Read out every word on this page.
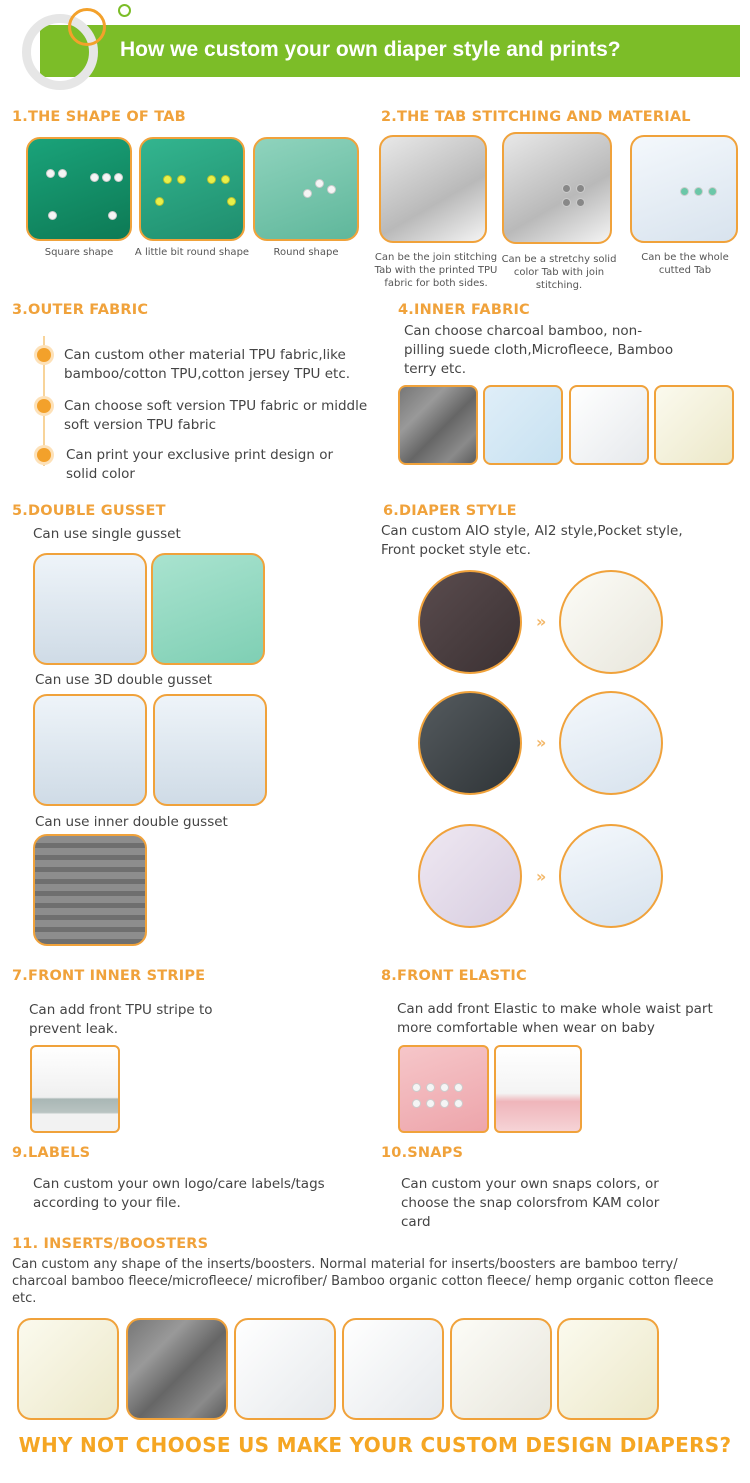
How we custom your own diaper style and prints?
1.THE SHAPE OF TAB
Square shape	A little bit round shape	Round shape
2.THE TAB STITCHING AND MATERIAL
Can be the join stitching Tab with the printed TPU fabric for both sides.
Can be a stretchy solid color Tab with join stitching.
Can be the whole cutted Tab
3.OUTER FABRIC
Can custom other material TPU fabric,like bamboo/cotton TPU,cotton jersey TPU etc.
Can choose soft version TPU fabric or middle soft version TPU fabric
Can print your exclusive print design or solid color
4.INNER FABRIC
Can choose charcoal bamboo, non-pilling suede cloth,Microfleece, Bamboo terry etc.
5.DOUBLE GUSSET
Can use single gusset
Can use 3D double gusset
Can use inner double gusset
6.DIAPER STYLE
Can custom AIO style, AI2 style,Pocket style, Front pocket style etc.
»
»
»
7.FRONT INNER STRIPE
Can add front TPU stripe to prevent leak.
8.FRONT ELASTIC
Can add front Elastic to make whole waist part more comfortable when wear on baby
9.LABELS
Can custom your own logo/care labels/tags according to your file.
10.SNAPS
Can custom your own snaps colors, or choose the snap colorsfrom KAM color card
11. INSERTS/BOOSTERS
Can custom any shape of the inserts/boosters. Normal material for inserts/boosters are bamboo terry/ charcoal bamboo fleece/microfleece/ microfiber/ Bamboo organic cotton fleece/ hemp organic cotton fleece etc.
WHY NOT CHOOSE US MAKE YOUR CUSTOM DESIGN DIAPERS?
